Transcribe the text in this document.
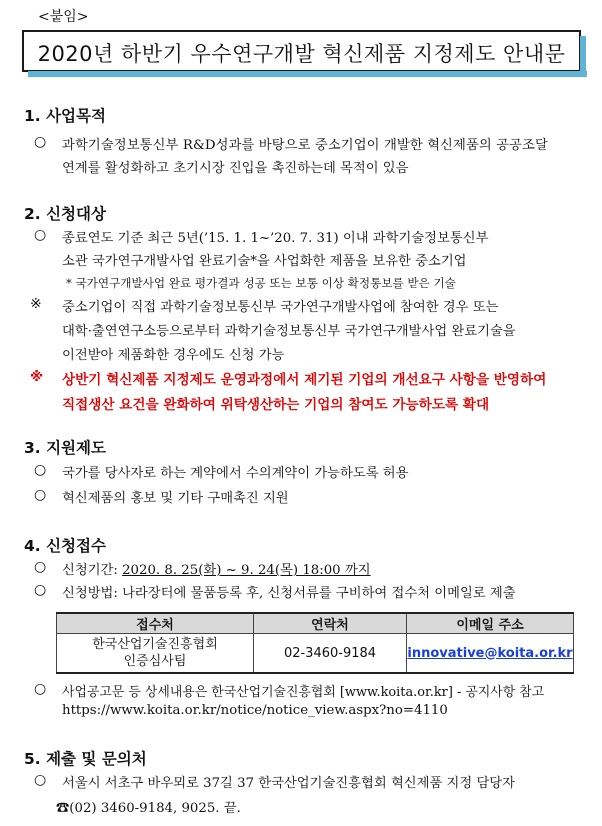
<붙임>
2020년 하반기 우수연구개발 혁신제품 지정제도 안내문
1. 사업목적
○ 과학기술정보통신부 R&D성과를 바탕으로 중소기업이 개발한 혁신제품의 공공조달
연계를 활성화하고 초기시장 진입을 촉진하는데 목적이 있음
2. 신청대상
○ 종료연도 기준 최근 5년(’15. 1. 1~’20. 7. 31) 이내 과학기술정보통신부
소관 국가연구개발사업 완료기술*을 사업화한 제품을 보유한 중소기업
* 국가연구개발사업 완료 평가결과 성공 또는 보통 이상 확정통보를 받은 기술
※ 중소기업이 직접 과학기술정보통신부 국가연구개발사업에 참여한 경우 또는
대학·출연연구소등으로부터 과학기술정보통신부 국가연구개발사업 완료기술을
이전받아 제품화한 경우에도 신청 가능
※ 상반기 혁신제품 지정제도 운영과정에서 제기된 기업의 개선요구 사항을 반영하여
직접생산 요건을 완화하여 위탁생산하는 기업의 참여도 가능하도록 확대
3. 지원제도
○ 국가를 당사자로 하는 계약에서 수의계약이 가능하도록 허용
○ 혁신제품의 홍보 및 기타 구매촉진 지원
4. 신청접수
○ 신청기간: 2020. 8. 25(화) ~ 9. 24(목) 18:00 까지
○ 신청방법: 나라장터에 물품등록 후, 신청서류를 구비하여 접수처 이메일로 제출
접수처	연락처	이메일 주소

한국산업기술진흥협회
인증심사팀	02-3460-9184	innovative@koita.or.kr
○ 사업공고문 등 상세내용은 한국산업기술진흥협회 [www.koita.or.kr] - 공지사항 참고
https://www.koita.or.kr/notice/notice_view.aspx?no=4110
5. 제출 및 문의처
○ 서울시 서초구 바우뫼로 37길 37 한국산업기술진흥협회 혁신제품 지정 담당자
☎(02) 3460-9184, 9025. 끝.
